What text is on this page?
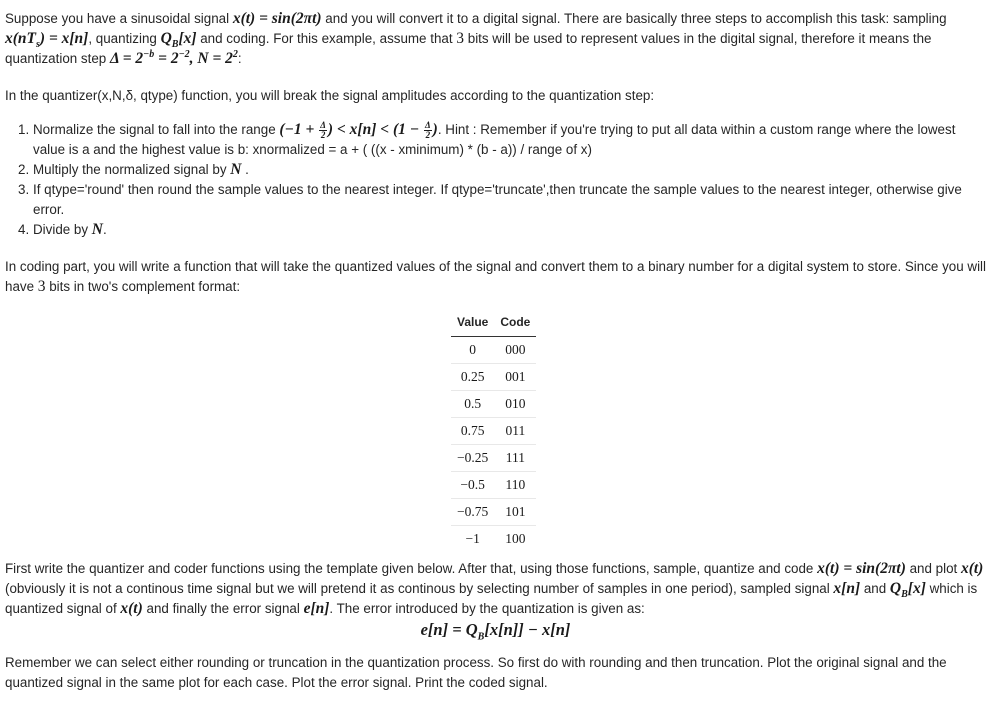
Suppose you have a sinusoidal signal x(t) = sin(2πt) and you will convert it to a digital signal. There are basically three steps to accomplish this task: sampling $x(nT_s) = x[n]$, quantizing $Q_B[x]$ and coding. For this example, assume that 3 bits will be used to represent values in the digital signal, therefore it means the quantization step $\Delta = 2^{-b} = 2^{-2}$, $N = 2^2$:
In the quantizer(x,N,δ, qtype) function, you will break the signal amplitudes according to the quantization step:
1. Normalize the signal to fall into the range ($-1 + \frac{\Delta}{2}$ ) < $x[n] < (1 - \frac{\Delta}{2}$ ). Hint : Remember if you're trying to put all data within a custom range where the lowest value is a and the highest value is b: xnormalized = a + ( ((x - xminimum) * (b - a)) / range of x)
2. Multiply the normalized signal by N .
3. If qtype='round' then round the sample values to the nearest integer. If qtype='truncate',then truncate the sample values to the nearest integer, otherwise give error.
4. Divide by N.
In coding part, you will write a function that will take the quantized values of the signal and convert them to a binary number for a digital system to store. Since you will have 3 bits in two's complement format:
Value	Code
0	000
0.25	001
0.5	010
0.75	011
−0.25	111
−0.5	110
−0.75	101
−1	100
First write the quantizer and coder functions using the template given below. After that, using those functions, sample, quantize and code x(t) = sin(2πt) and plot x(t) (obviously it is not a continous time signal but we will pretend it as continous by selecting number of samples in one period), sampled signal x[n] and $Q_B[x]$ which is quantized signal of x(t) and finally the error signal e[n]. The error introduced by the quantization is given as:
$e[n] = Q_B[x[n]] - x[n]$
Remember we can select either rounding or truncation in the quantization process. So first do with rounding and then truncation. Plot the original signal and the quantized signal in the same plot for each case. Plot the error signal. Print the coded signal.
